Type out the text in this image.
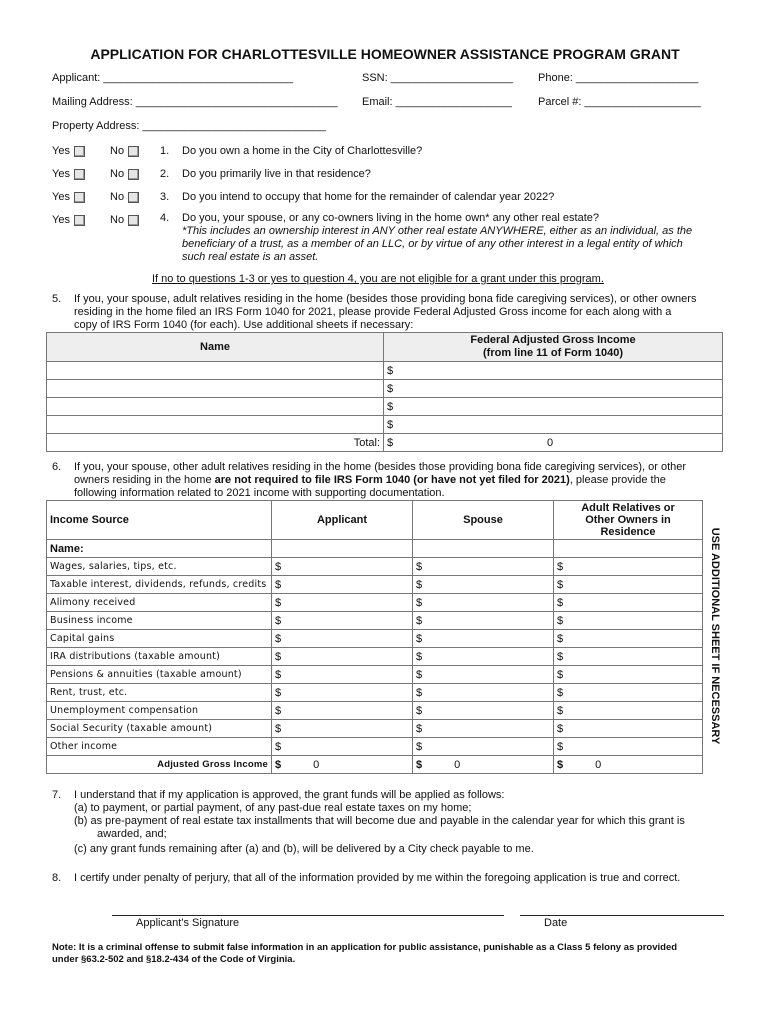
APPLICATION FOR CHARLOTTESVILLE HOMEOWNER ASSISTANCE PROGRAM GRANT
Applicant: _______________________________	SSN: ____________________ Phone: ____________________
Mailing Address: _________________________________ Email: ___________________ Parcel #: ___________________
Property Address: ______________________________
Yes	No	1. Do you own a home in the City of Charlottesville?
Yes	No	2. Do you primarily live in that residence?
Yes	No	3. Do you intend to occupy that home for the remainder of calendar year 2022?
Yes	No	4. Do you, your spouse, or any co-owners living in the home own* any other real estate?
*This includes an ownership interest in ANY other real estate ANYWHERE, either as an individual, as the
beneficiary of a trust, as a member of an LLC, or by virtue of any other interest in a legal entity of which
such real estate is an asset.
If no to questions 1-3 or yes to question 4, you are not eligible for a grant under this program.
5. If you, your spouse, adult relatives residing in the home (besides those providing bona fide caregiving services), or other owners
residing in the home filed an IRS Form 1040 for 2021, please provide Federal Adjusted Gross income for each along with a
copy of IRS Form 1040 (for each). Use additional sheets if necessary:
Name	Federal Adjusted Gross Income
(from line 11 of Form 1040)
	$
	$
	$
	$
Total:	$ 0
6. If you, your spouse, other adult relatives residing in the home (besides those providing bona fide caregiving services), or other
owners residing in the home are not required to file IRS Form 1040 (or have not yet filed for 2021), please provide the
following information related to 2021 income with supporting documentation.
Income Source	Applicant	Spouse	Adult Relatives or
Other Owners in
Residence
Name:			
Wages, salaries, tips, etc.	$	$	$
Taxable interest, dividends, refunds, credits	$	$	$
Alimony received	$	$	$
Business income	$	$	$
Capital gains	$	$	$
IRA distributions (taxable amount)	$	$	$
Pensions & annuities (taxable amount)	$	$	$
Rent, trust, etc.	$	$	$
Unemployment compensation	$	$	$
Social Security (taxable amount)	$	$	$
Other income	$	$	$
Adjusted Gross Income	$ 0	$ 0	$ 0
USE ADDITIONAL SHEET IF NECESSARY
7. I understand that if my application is approved, the grant funds will be applied as follows:
(a) to payment, or partial payment, of any past-due real estate taxes on my home;
(b) as pre-payment of real estate tax installments that will become due and payable in the calendar year for which this grant is
awarded, and;
(c) any grant funds remaining after (a) and (b), will be delivered by a City check payable to me.
8. I certify under penalty of perjury, that all of the information provided by me within the foregoing application is true and correct.
Applicant’s Signature	Date
Note: It is a criminal offense to submit false information in an application for public assistance, punishable as a Class 5 felony as provided
under §63.2-502 and §18.2-434 of the Code of Virginia.
